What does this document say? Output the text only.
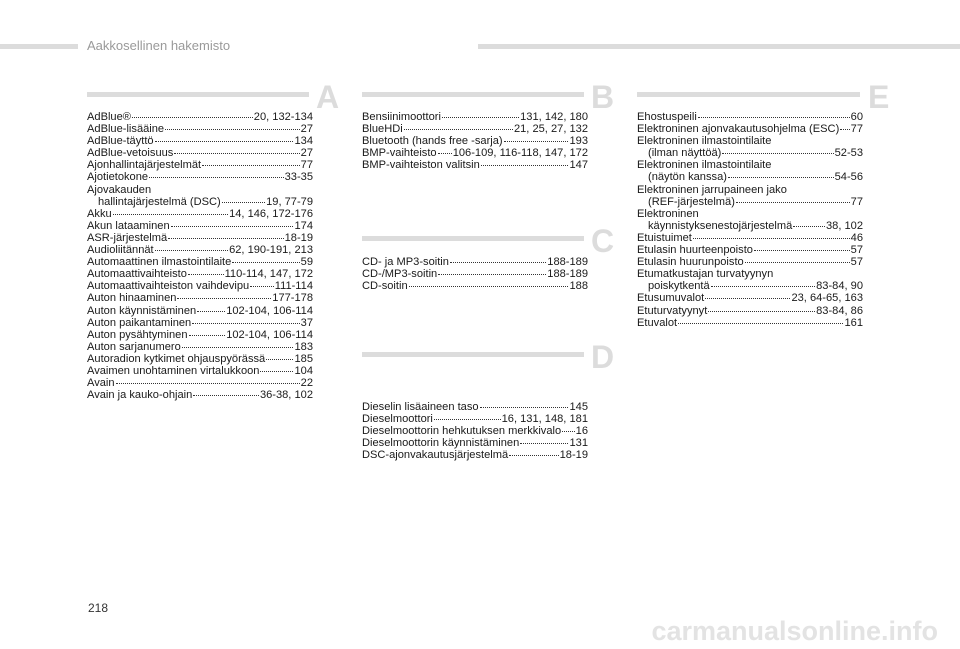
Aakkosellinen hakemisto
A
AdBlue®	20, 132-134
AdBlue-lisääine	27
AdBlue-täyttö	134
AdBlue-vetoisuus	27
Ajonhallintajärjestelmät	77
Ajotietokone	33-35
Ajovakauden
hallintajärjestelmä (DSC)	19, 77-79
Akku	14, 146, 172-176
Akun lataaminen	174
ASR-järjestelmä	18-19
Audioliitännät	62, 190-191, 213
Automaattinen ilmastointilaite	59
Automaattivaihteisto	110-114, 147, 172
Automaattivaihteiston vaihdevipu 111-114
Auton hinaaminen	177-178
Auton käynnistäminen	102-104, 106-114
Auton paikantaminen	37
Auton pysähtyminen	102-104, 106-114
Auton sarjanumero	183
Autoradion kytkimet ohjauspyörässä	185
Avaimen unohtaminen virtalukkoon	104
Avain	22
Avain ja kauko-ohjain	36-38, 102
B
Bensiinimoottori	131, 142, 180
BlueHDi	21, 25, 27, 132
Bluetooth (hands free -sarja)	193
BMP-vaihteisto 106-109, 116-118, 147, 172
BMP-vaihteiston valitsin	147
C
CD- ja MP3-soitin	188-189
CD-/MP3-soitin	188-189
CD-soitin	188
D
Dieselin lisäaineen taso	145
Dieselmoottori	16, 131, 148, 181
Dieselmoottorin hehkutuksen merkkivalo 16
Dieselmoottorin käynnistäminen	131
DSC-ajonvakautusjärjestelmä	18-19
E
Ehostuspeili	60
Elektroninen ajonvakautusohjelma (ESC) 77
Elektroninen ilmastointilaite
(ilman näyttöä)	52-53
Elektroninen ilmastointilaite
(näytön kanssa)	54-56
Elektroninen jarrupaineen jako
(REF-järjestelmä)	77
Elektroninen
käynnistyksenestojärjestelmä	38, 102
Etuistuimet	46
Etulasin huurteenpoisto	57
Etulasin huurunpoisto	57
Etumatkustajan turvatyynyn
poiskytkentä	83-84, 90
Etusumuvalot	23, 64-65, 163
Etuturvatyynyt	83-84, 86
Etuvalot	161
218
carmanualsonline.info
